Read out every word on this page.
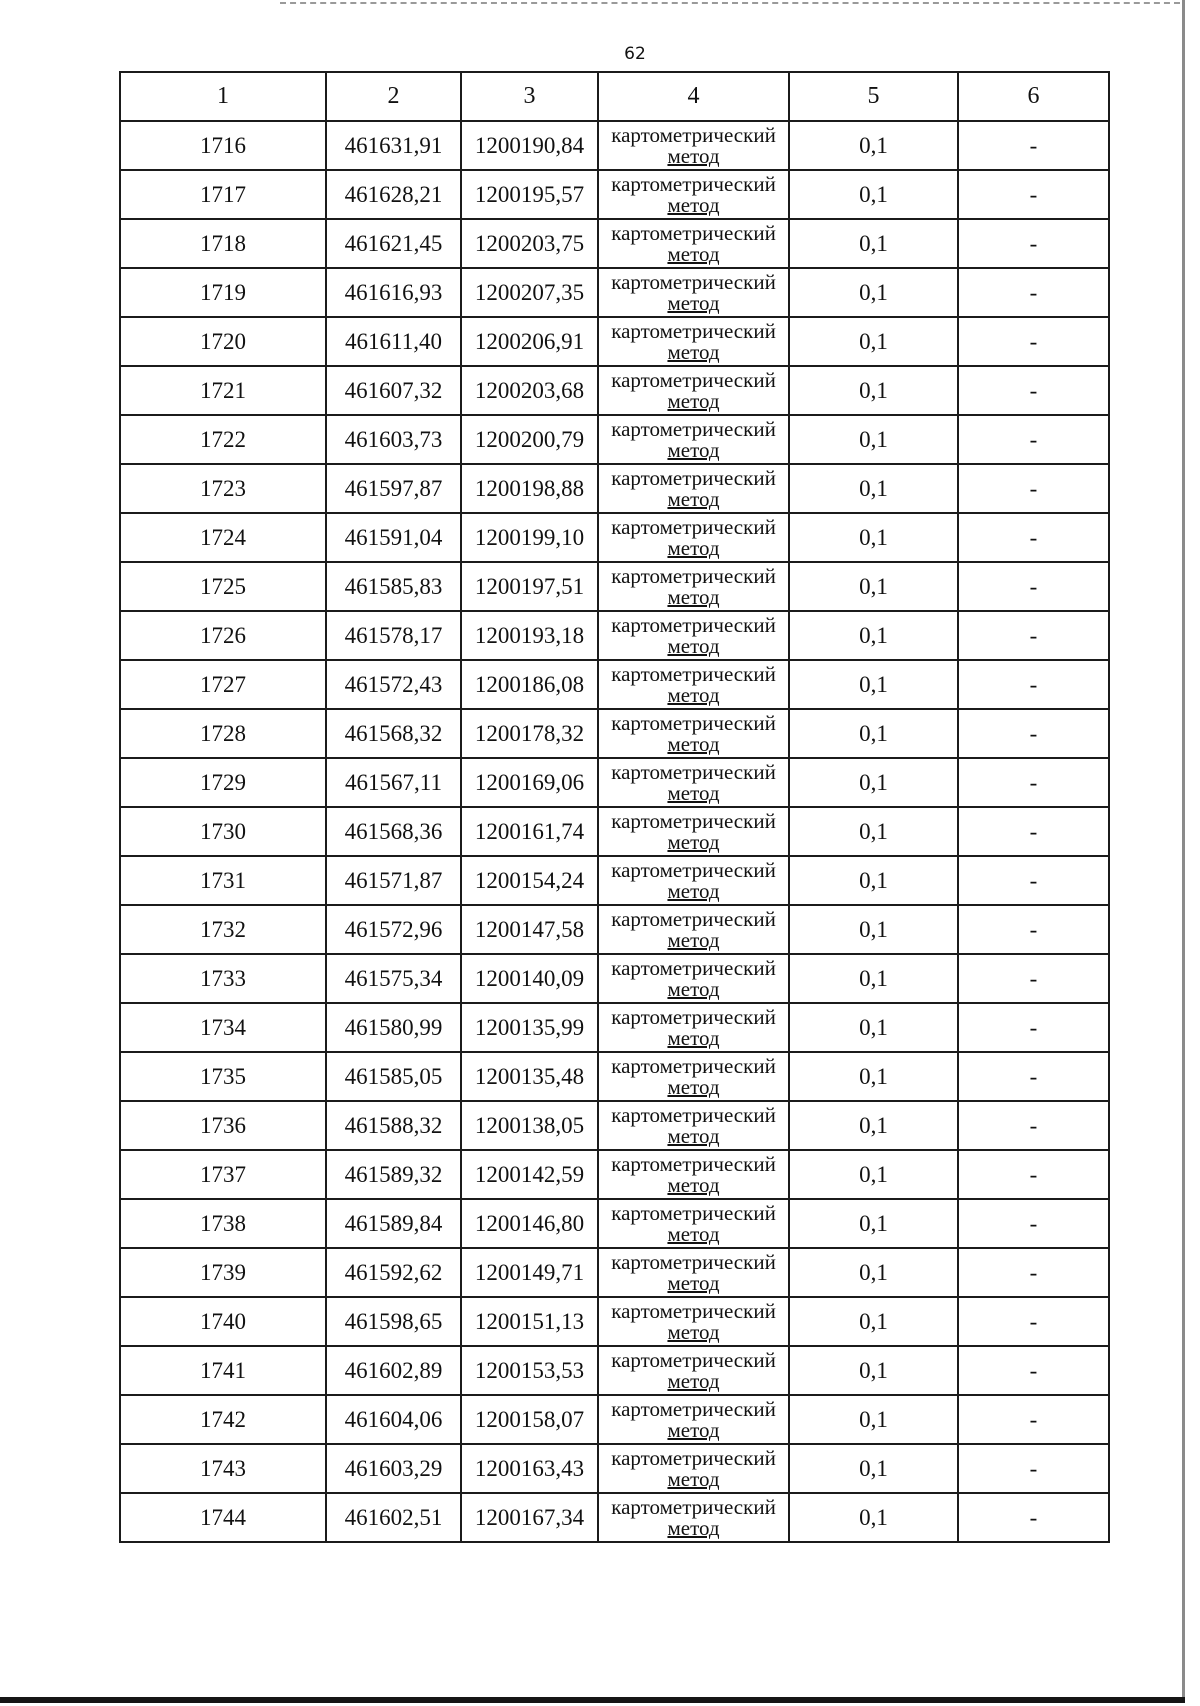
62
1	2	3	4	5	6
1716	461631,91	1200190,84	картометрический
метод	0,1	-
1717	461628,21	1200195,57	картометрический
метод	0,1	-
1718	461621,45	1200203,75	картометрический
метод	0,1	-
1719	461616,93	1200207,35	картометрический
метод	0,1	-
1720	461611,40	1200206,91	картометрический
метод	0,1	-
1721	461607,32	1200203,68	картометрический
метод	0,1	-
1722	461603,73	1200200,79	картометрический
метод	0,1	-
1723	461597,87	1200198,88	картометрический
метод	0,1	-
1724	461591,04	1200199,10	картометрический
метод	0,1	-
1725	461585,83	1200197,51	картометрический
метод	0,1	-
1726	461578,17	1200193,18	картометрический
метод	0,1	-
1727	461572,43	1200186,08	картометрический
метод	0,1	-
1728	461568,32	1200178,32	картометрический
метод	0,1	-
1729	461567,11	1200169,06	картометрический
метод	0,1	-
1730	461568,36	1200161,74	картометрический
метод	0,1	-
1731	461571,87	1200154,24	картометрический
метод	0,1	-
1732	461572,96	1200147,58	картометрический
метод	0,1	-
1733	461575,34	1200140,09	картометрический
метод	0,1	-
1734	461580,99	1200135,99	картометрический
метод	0,1	-
1735	461585,05	1200135,48	картометрический
метод	0,1	-
1736	461588,32	1200138,05	картометрический
метод	0,1	-
1737	461589,32	1200142,59	картометрический
метод	0,1	-
1738	461589,84	1200146,80	картометрический
метод	0,1	-
1739	461592,62	1200149,71	картометрический
метод	0,1	-
1740	461598,65	1200151,13	картометрический
метод	0,1	-
1741	461602,89	1200153,53	картометрический
метод	0,1	-
1742	461604,06	1200158,07	картометрический
метод	0,1	-
1743	461603,29	1200163,43	картометрический
метод	0,1	-
1744	461602,51	1200167,34	картометрический
метод	0,1	-
